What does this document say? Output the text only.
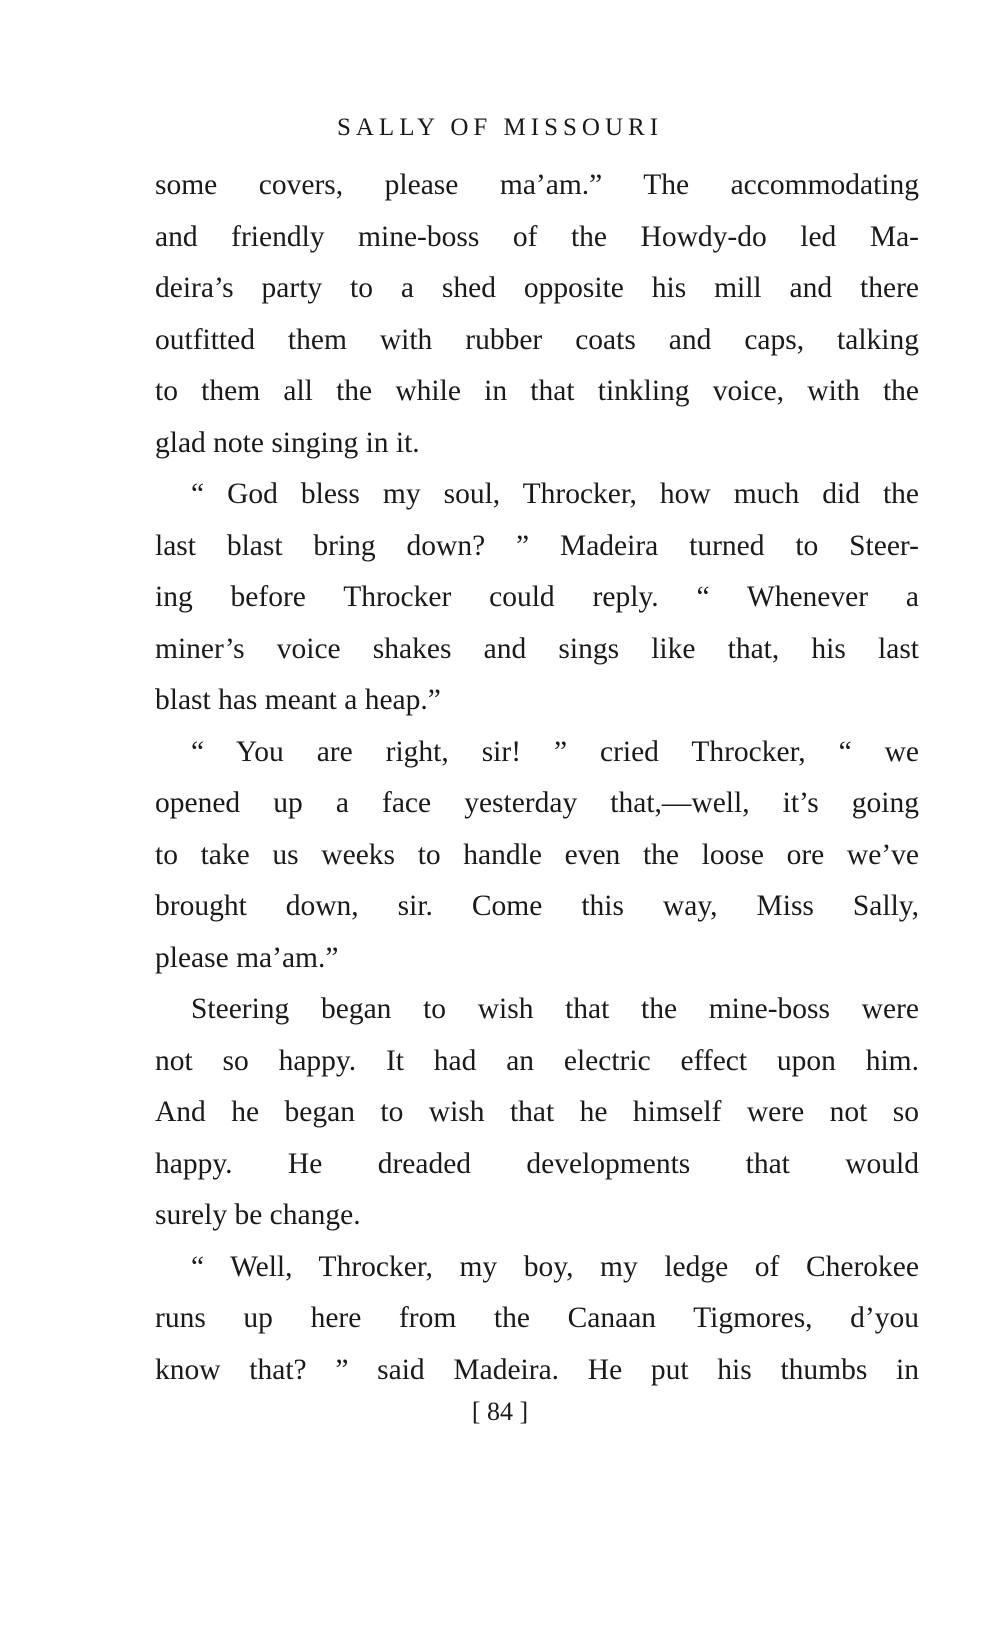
SALLY OF MISSOURI
some covers, please ma’am.” The accommodating
and friendly mine-boss of the Howdy-do led Ma-
deira’s party to a shed opposite his mill and there
outfitted them with rubber coats and caps, talking
to them all the while in that tinkling voice, with the
glad note singing in it.
“ God bless my soul, Throcker, how much did the
last blast bring down? ” Madeira turned to Steer-
ing before Throcker could reply. “ Whenever a
miner’s voice shakes and sings like that, his last
blast has meant a heap.”
“ You are right, sir! ” cried Throcker, “ we
opened up a face yesterday that,—well, it’s going
to take us weeks to handle even the loose ore we’ve
brought down, sir. Come this way, Miss Sally,
please ma’am.”
Steering began to wish that the mine-boss were
not so happy. It had an electric effect upon him.
And he began to wish that he himself were not so
happy. He dreaded developments that would
surely be change.
“ Well, Throcker, my boy, my ledge of Cherokee
runs up here from the Canaan Tigmores, d’you
know that? ” said Madeira. He put his thumbs in
[ 84 ]
